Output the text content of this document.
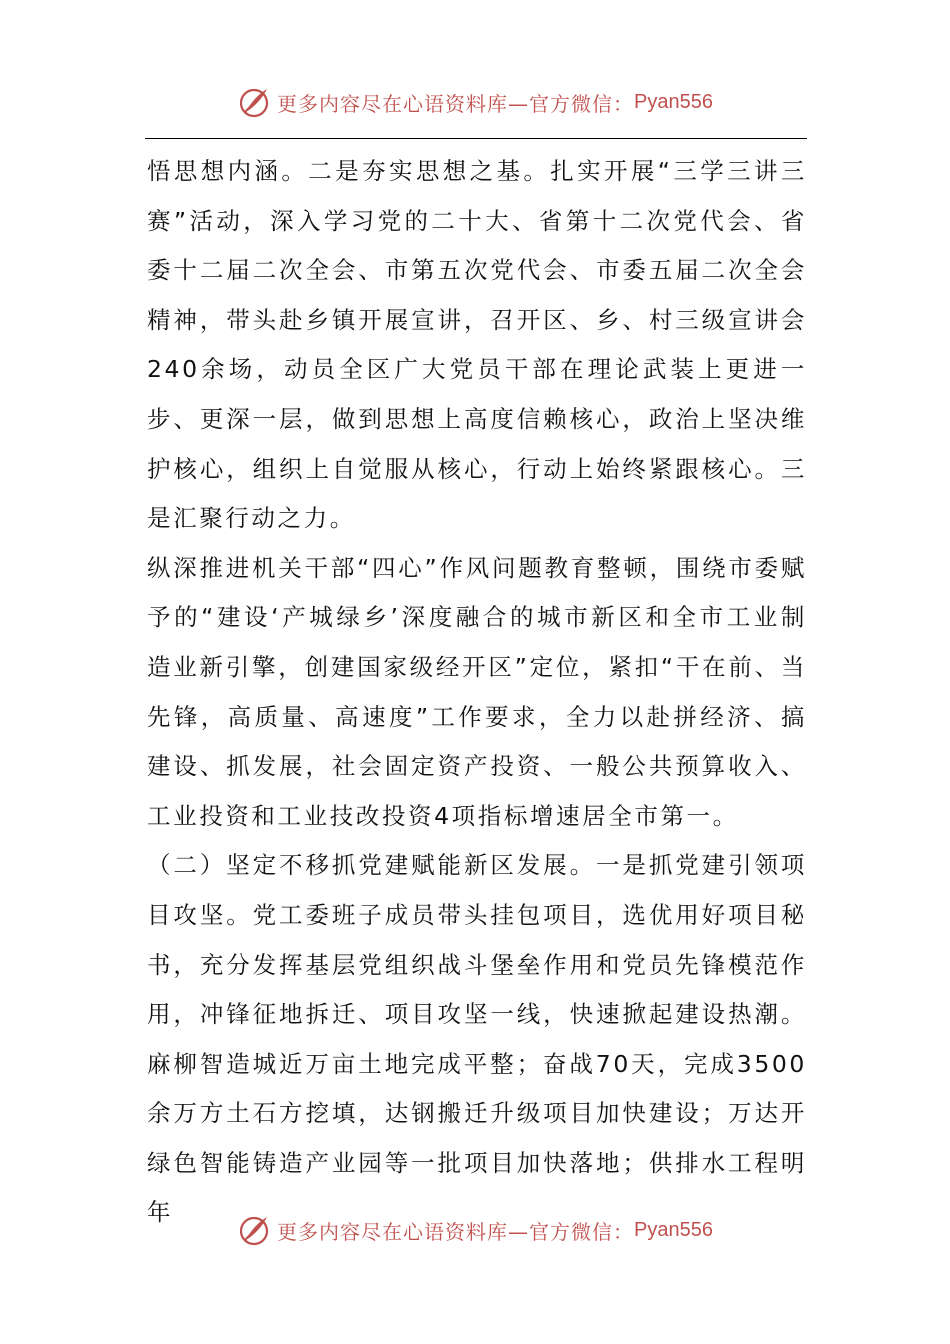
更多内容尽在心语资料库—官方微信： Pyan556

悟思想内涵。二是夯实思想之基。扎实开展“三学三讲三赛”活动，深入学习党的二十大、省第十二次党代会、省委十二届二次全会、市第五次党代会、市委五届二次全会精神，带头赴乡镇开展宣讲，召开区、乡、村三级宣讲会240余场，动员全区广大党员干部在理论武装上更进一步、更深一层，做到思想上高度信赖核心，政治上坚决维护核心，组织上自觉服从核心，行动上始终紧跟核心。三是汇聚行动之力。

纵深推进机关干部“四心”作风问题教育整顿，围绕市委赋予的“建设‘产城绿乡’深度融合的城市新区和全市工业制造业新引擎，创建国家级经开区”定位，紧扣“干在前、当先锋，高质量、高速度”工作要求，全力以赴拼经济、搞建设、抓发展，社会固定资产投资、一般公共预算收入、工业投资和工业技改投资4项指标增速居全市第一。

（二）坚定不移抓党建赋能新区发展。一是抓党建引领项目攻坚。党工委班子成员带头挂包项目，选优用好项目秘书，充分发挥基层党组织战斗堡垒作用和党员先锋模范作用，冲锋征地拆迁、项目攻坚一线，快速掀起建设热潮。麻柳智造城近万亩土地完成平整；奋战70天，完成3500余万方土石方挖填，达钢搬迁升级项目加快建设；万达开绿色智能铸造产业园等一批项目加快落地；供排水工程明年

更多内容尽在心语资料库—官方微信： Pyan556
